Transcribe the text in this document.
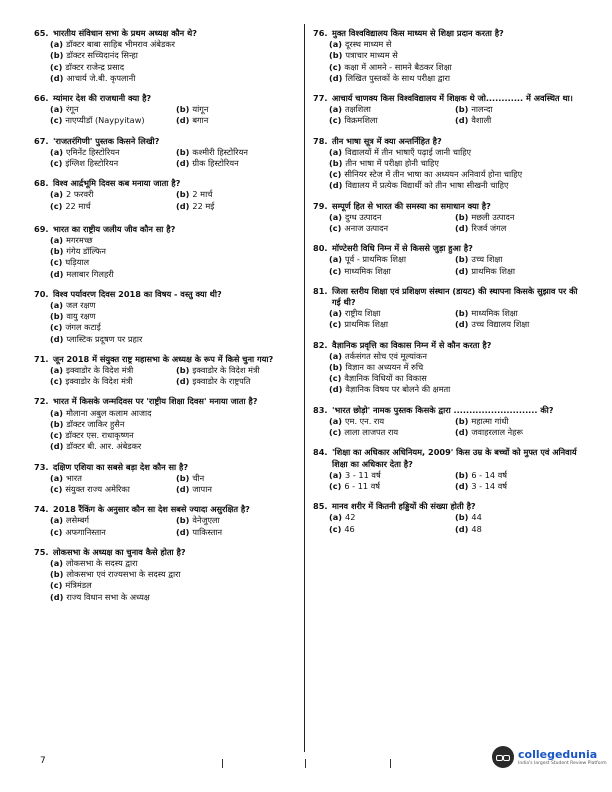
65. भारतीय संविधान सभा के प्रथम अध्यक्ष कौन थे?
(a) डॉक्टर बाबा साहिब भीमराव अंबेडकर
(b) डॉक्टर सच्चिदानंद सिन्हा
(c) डॉक्टर राजेन्द्र प्रसाद
(d) आचार्य जे.बी. कृपलानी
66. म्यांमार देश की राजधानी क्या है?
(a) रंगून	(b) यांगून
(c) नाएप्यीडॉ (Naypyitaw)	(d) बगान
67. 'राजतरंगिणी' पुस्तक किसने लिखी?
(a) एमिनेंट हिस्टोरियन	(b) कश्मीरी हिस्टोरियन
(c) इंग्लिश हिस्टोरियन	(d) ग्रीक हिस्टोरियन
68. विश्व आर्द्रभूमि दिवस कब मनाया जाता है?
(a) 2 फरवरी	(b) 2 मार्च
(c) 22 मार्च	(d) 22 मई
69. भारत का राष्ट्रीय जलीय जीव कौन सा है?
(a) मगरमच्छ
(b) गंगेय डॉल्फिन
(c) घड़ियाल
(d) मलाबार गिलहरी
70. विश्व पर्यावरण दिवस 2018 का विषय - वस्तु क्या थी?
(a) जल रक्षण
(b) वायु रक्षण
(c) जंगल कटाई
(d) प्लास्टिक प्रदूषण पर प्रहार
71. जून 2018 में संयुक्त राष्ट्र महासभा के अध्यक्ष के रूप में किसे चुना गया?
(a) इक्वाडोर के विदेश मंत्री	(b) इक्वाडोर के विदेश मंत्री
(c) इक्वाडोर के विदेश मंत्री	(d) इक्वाडोर के राष्ट्रपति
72. भारत में किसके जन्मदिवस पर 'राष्ट्रीय शिक्षा दिवस' मनाया जाता है?
(a) मौलाना अबुल कलाम आजाद
(b) डॉक्टर जाकिर हुसैन
(c) डॉक्टर एस. राधाकृष्णन
(d) डॉक्टर बी. आर. अंबेडकर
73. दक्षिण एशिया का सबसे बड़ा देश कौन सा है?
(a) भारत	(b) चीन
(c) संयुक्त राज्य अमेरिका	(d) जापान
74. 2018 रैंकिंग के अनुसार कौन सा देश सबसे ज्यादा असुरक्षित है?
(a) लसेम्बर्ग	(b) वेनेजुएला
(c) अफगानिस्तान	(d) पाकिस्तान
75. लोकसभा के अध्यक्ष का चुनाव कैसे होता है?
(a) लोकसभा के सदस्य द्वारा
(b) लोकसभा एवं राज्यसभा के सदस्य द्वारा
(c) मंत्रिमंडल
(d) राज्य विधान सभा के अध्यक्ष
76. मुक्त विश्वविद्यालय किस माध्यम से शिक्षा प्रदान करता है?
(a) दूरस्थ माध्यम से
(b) पत्राचार माध्यम से
(c) कक्षा में आमने - सामने बैठकर शिक्षा
(d) लिखित पुस्तकों के साथ परीक्षा द्वारा
77. आचार्य चाणक्य किस विश्वविद्यालय में शिक्षक थे जो............ में अवस्थित था।
(a) तक्षशिला	(b) नालन्दा
(c) विक्रमशिला	(d) वैशाली
78. तीन भाषा सूत्र में क्या अन्तर्निहित है?
(a) विद्यालयों में तीन भाषाएँ पढ़ाई जानी चाहिए
(b) तीन भाषा में परीक्षा होनी चाहिए
(c) सीनियर स्टेज में तीन भाषा का अध्ययन अनिवार्य होना चाहिए
(d) विद्यालय में प्रत्येक विद्यार्थी को तीन भाषा सीखनी चाहिए
79. सम्पूर्ण हित से भारत की समस्या का समाधान क्या है?
(a) दुग्ध उत्पादन	(b) मछली उत्पादन
(c) अनाज उत्पादन	(d) रिजर्व जंगल
80. मॉण्टेसरी विधि निम्न में से किससे जुड़ा हुआ है?
(a) पूर्व - प्राथमिक शिक्षा	(b) उच्च शिक्षा
(c) माध्यमिक शिक्षा	(d) प्राथमिक शिक्षा
81. जिला स्तरीय शिक्षा एवं प्रशिक्षण संस्थान (डायट) की स्थापना किसके सुझाव पर की गई थी?
(a) राष्ट्रीय शिक्षा	(b) माध्यमिक शिक्षा
(c) प्राथमिक शिक्षा	(d) उच्च विद्यालय शिक्षा
82. वैज्ञानिक प्रवृत्ति का विकास निम्न में से कौन करता है?
(a) तर्कसंगत सोच एवं मूल्यांकन
(b) विज्ञान का अध्ययन में रुचि
(c) वैज्ञानिक विधियों का विकास
(d) वैज्ञानिक विषय पर बोलने की क्षमता
83. 'भारत छोड़ो' नामक पुस्तक किसके द्वारा ........................... की?
(a) एम. एन. राय	(b) महात्मा गांधी
(c) लाला लाजपत राय	(d) जवाहरलाल नेहरू
84. 'शिक्षा का अधिकार अधिनियम, 2009' किस उम्र के बच्चों को मुफ्त एवं अनिवार्य शिक्षा का अधिकार देता है?
(a) 3 - 11 वर्ष	(b) 6 - 14 वर्ष
(c) 6 - 11 वर्ष	(d) 3 - 14 वर्ष
85. मानव शरीर में कितनी हड्डियों की संख्या होती है?
(a) 42	(b) 44
(c) 46	(d) 48
7	collegedunia
India's largest Student Review Platform
